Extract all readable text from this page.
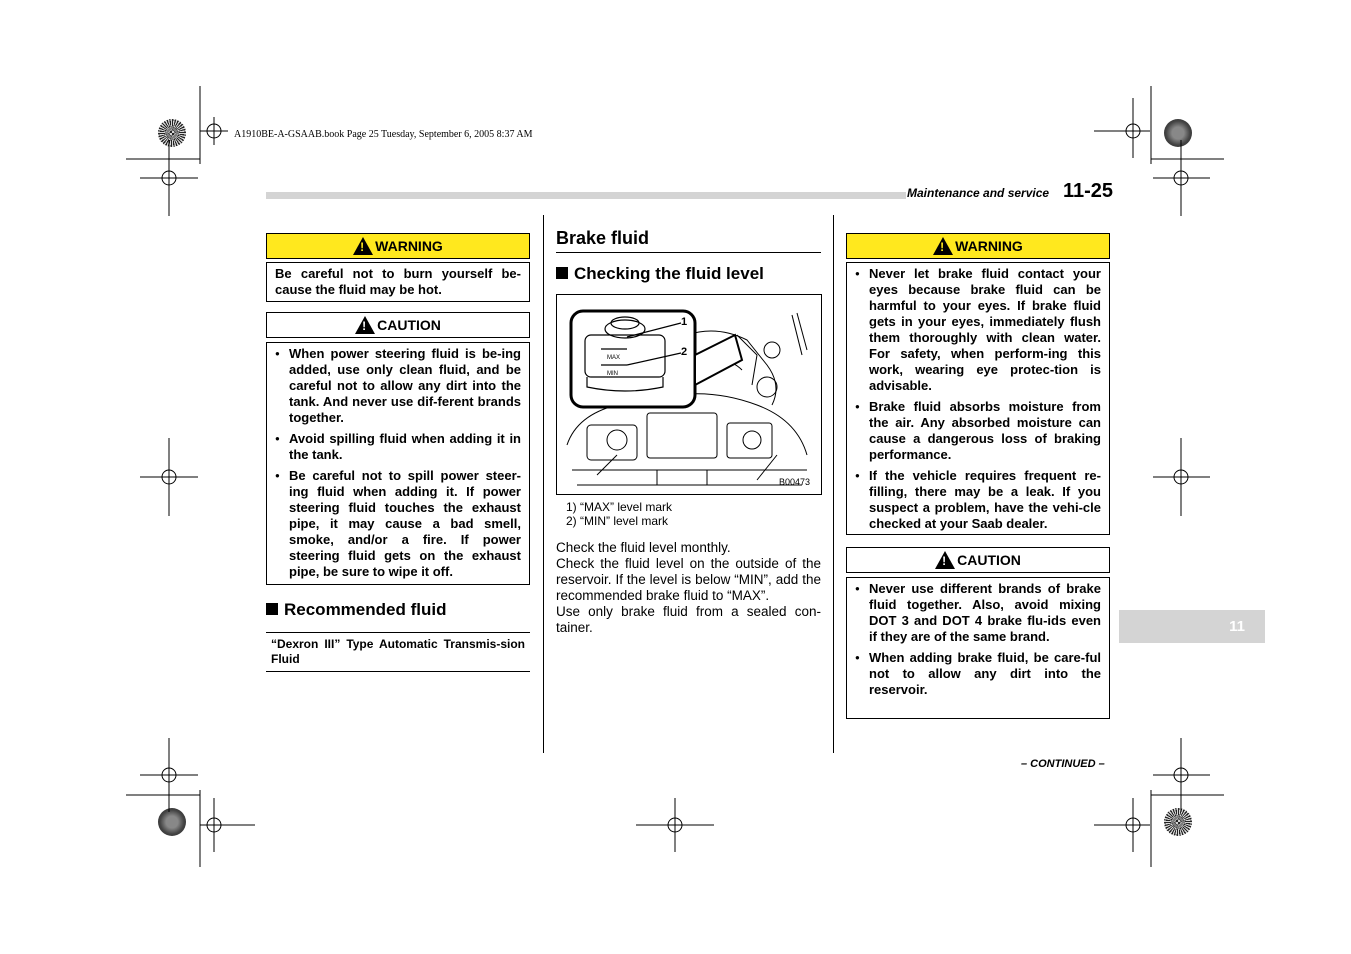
A1910BE-A-GSAAB.book Page 25 Tuesday, September 6, 2005 8:37 AM
Maintenance and service 11-25
!
WARNING

Be careful not to burn yourself be-cause the fluid may be hot.

!
CAUTION
● When power steering fluid is be-ing added, use only clean fluid, and be careful not to allow any dirt into the tank. And never use dif-ferent brands together.
● Avoid spilling fluid when adding it in the tank.
● Be careful not to spill power steer-ing fluid when adding it. If power steering fluid touches the exhaust pipe, it may cause a bad smell, smoke, and/or a fire. If power steering fluid gets on the exhaust pipe, be sure to wipe it off.
Recommended fluid
“Dexron III” Type Automatic Transmis-sion Fluid
Brake fluid
Checking the fluid level
MAX
MIN
1
2
B00473
1) “MAX” level mark
2) “MIN” level mark
Check the fluid level monthly.
Check the fluid level on the outside of the reservoir. If the level is below “MIN”, add the recommended brake fluid to “MAX”.
Use only brake fluid from a sealed con-tainer.
!
WARNING
● Never let brake fluid contact your eyes because brake fluid can be harmful to your eyes. If brake fluid gets in your eyes, immediately flush them thoroughly with clean water. For safety, when perform-ing this work, wearing eye protec-tion is advisable.
● Brake fluid absorbs moisture from the air. Any absorbed moisture can cause a dangerous loss of braking performance.
● If the vehicle requires frequent re-filling, there may be a leak. If you suspect a problem, have the vehi-cle checked at your Saab dealer.
!
CAUTION
● Never use different brands of brake fluid together. Also, avoid mixing DOT 3 and DOT 4 brake flu-ids even if they are of the same brand.
● When adding brake fluid, be care-ful not to allow any dirt into the reservoir.
11
– CONTINUED –
